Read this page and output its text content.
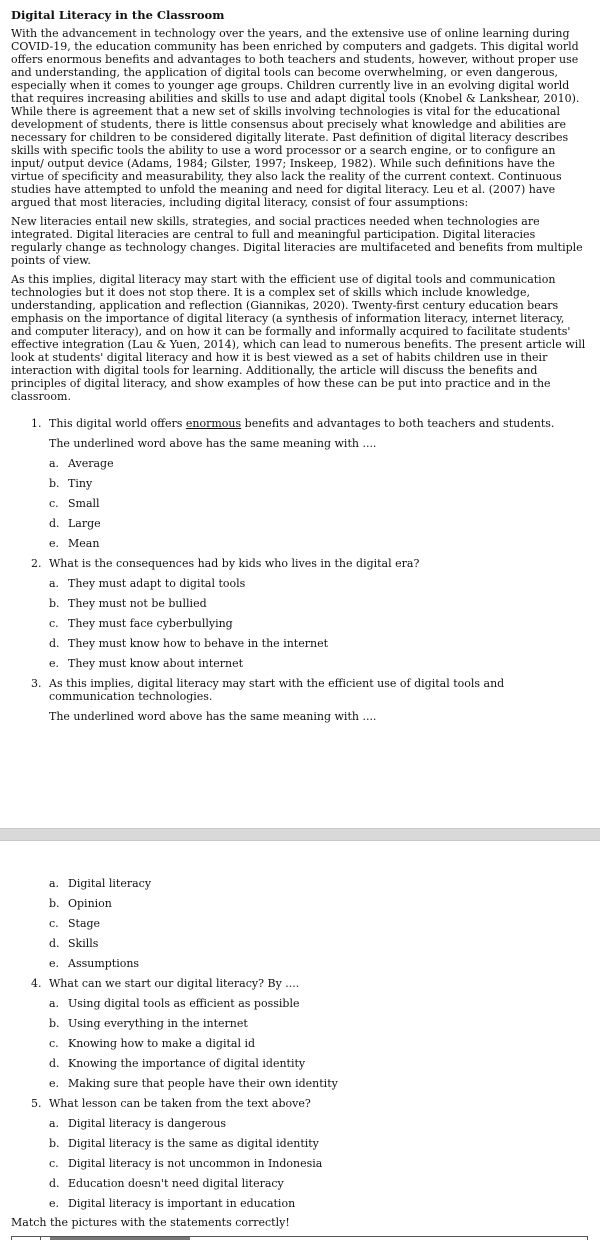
Digital Literacy in the Classroom

With the advancement in technology over the years, and the extensive use of online learning during COVID-19, the education community has been enriched by computers and gadgets. This digital world offers enormous benefits and advantages to both teachers and students, however, without proper use and understanding, the application of digital tools can become overwhelming, or even dangerous, especially when it comes to younger age groups. Children currently live in an evolving digital world that requires increasing abilities and skills to use and adapt digital tools (Knobel & Lankshear, 2010). While there is agreement that a new set of skills involving technologies is vital for the educational development of students, there is little consensus about precisely what knowledge and abilities are necessary for children to be considered digitally literate. Past definition of digital literacy describes skills with specific tools the ability to use a word processor or a search engine, or to configure an input/ output device (Adams, 1984; Gilster, 1997; Inskeep, 1982). While such definitions have the virtue of specificity and measurability, they also lack the reality of the current context. Continuous studies have attempted to unfold the meaning and need for digital literacy. Leu et al. (2007) have argued that most literacies, including digital literacy, consist of four assumptions:

New literacies entail new skills, strategies, and social practices needed when technologies are integrated. Digital literacies are central to full and meaningful participation. Digital literacies regularly change as technology changes. Digital literacies are multifaceted and benefits from multiple points of view.

As this implies, digital literacy may start with the efficient use of digital tools and communication technologies but it does not stop there. It is a complex set of skills which include knowledge, understanding, application and reflection (Giannikas, 2020). Twenty-first century education bears emphasis on the importance of digital literacy (a synthesis of information literacy, internet literacy, and computer literacy), and on how it can be formally and informally acquired to facilitate students' effective integration (Lau & Yuen, 2014), which can lead to numerous benefits. The present article will look at students' digital literacy and how it is best viewed as a set of habits children use in their interaction with digital tools for learning. Additionally, the article will discuss the benefits and principles of digital literacy, and show examples of how these can be put into practice and in the classroom.

1. This digital world offers enormous benefits and advantages to both teachers and students.
The underlined word above has the same meaning with ....
a. Average
b. Tiny
c. Small
d. Large
e. Mean
2. What is the consequences had by kids who lives in the digital era?
a. They must adapt to digital tools
b. They must not be bullied
c. They must face cyberbullying
d. They must know how to behave in the internet
e. They must know about internet
3. As this implies, digital literacy may start with the efficient use of digital tools and communication technologies.
The underlined word above has the same meaning with ....
a. Digital literacy
b. Opinion
c. Stage
d. Skills
e. Assumptions
4. What can we start our digital literacy? By ....
a. Using digital tools as efficient as possible
b. Using everything in the internet
c. Knowing how to make a digital id
d. Knowing the importance of digital identity
e. Making sure that people have their own identity
5. What lesson can be taken from the text above?
a. Digital literacy is dangerous
b. Digital literacy is the same as digital identity
c. Digital literacy is not uncommon in Indonesia
d. Education doesn't need digital literacy
e. Digital literacy is important in education
Match the pictures with the statements correctly!
